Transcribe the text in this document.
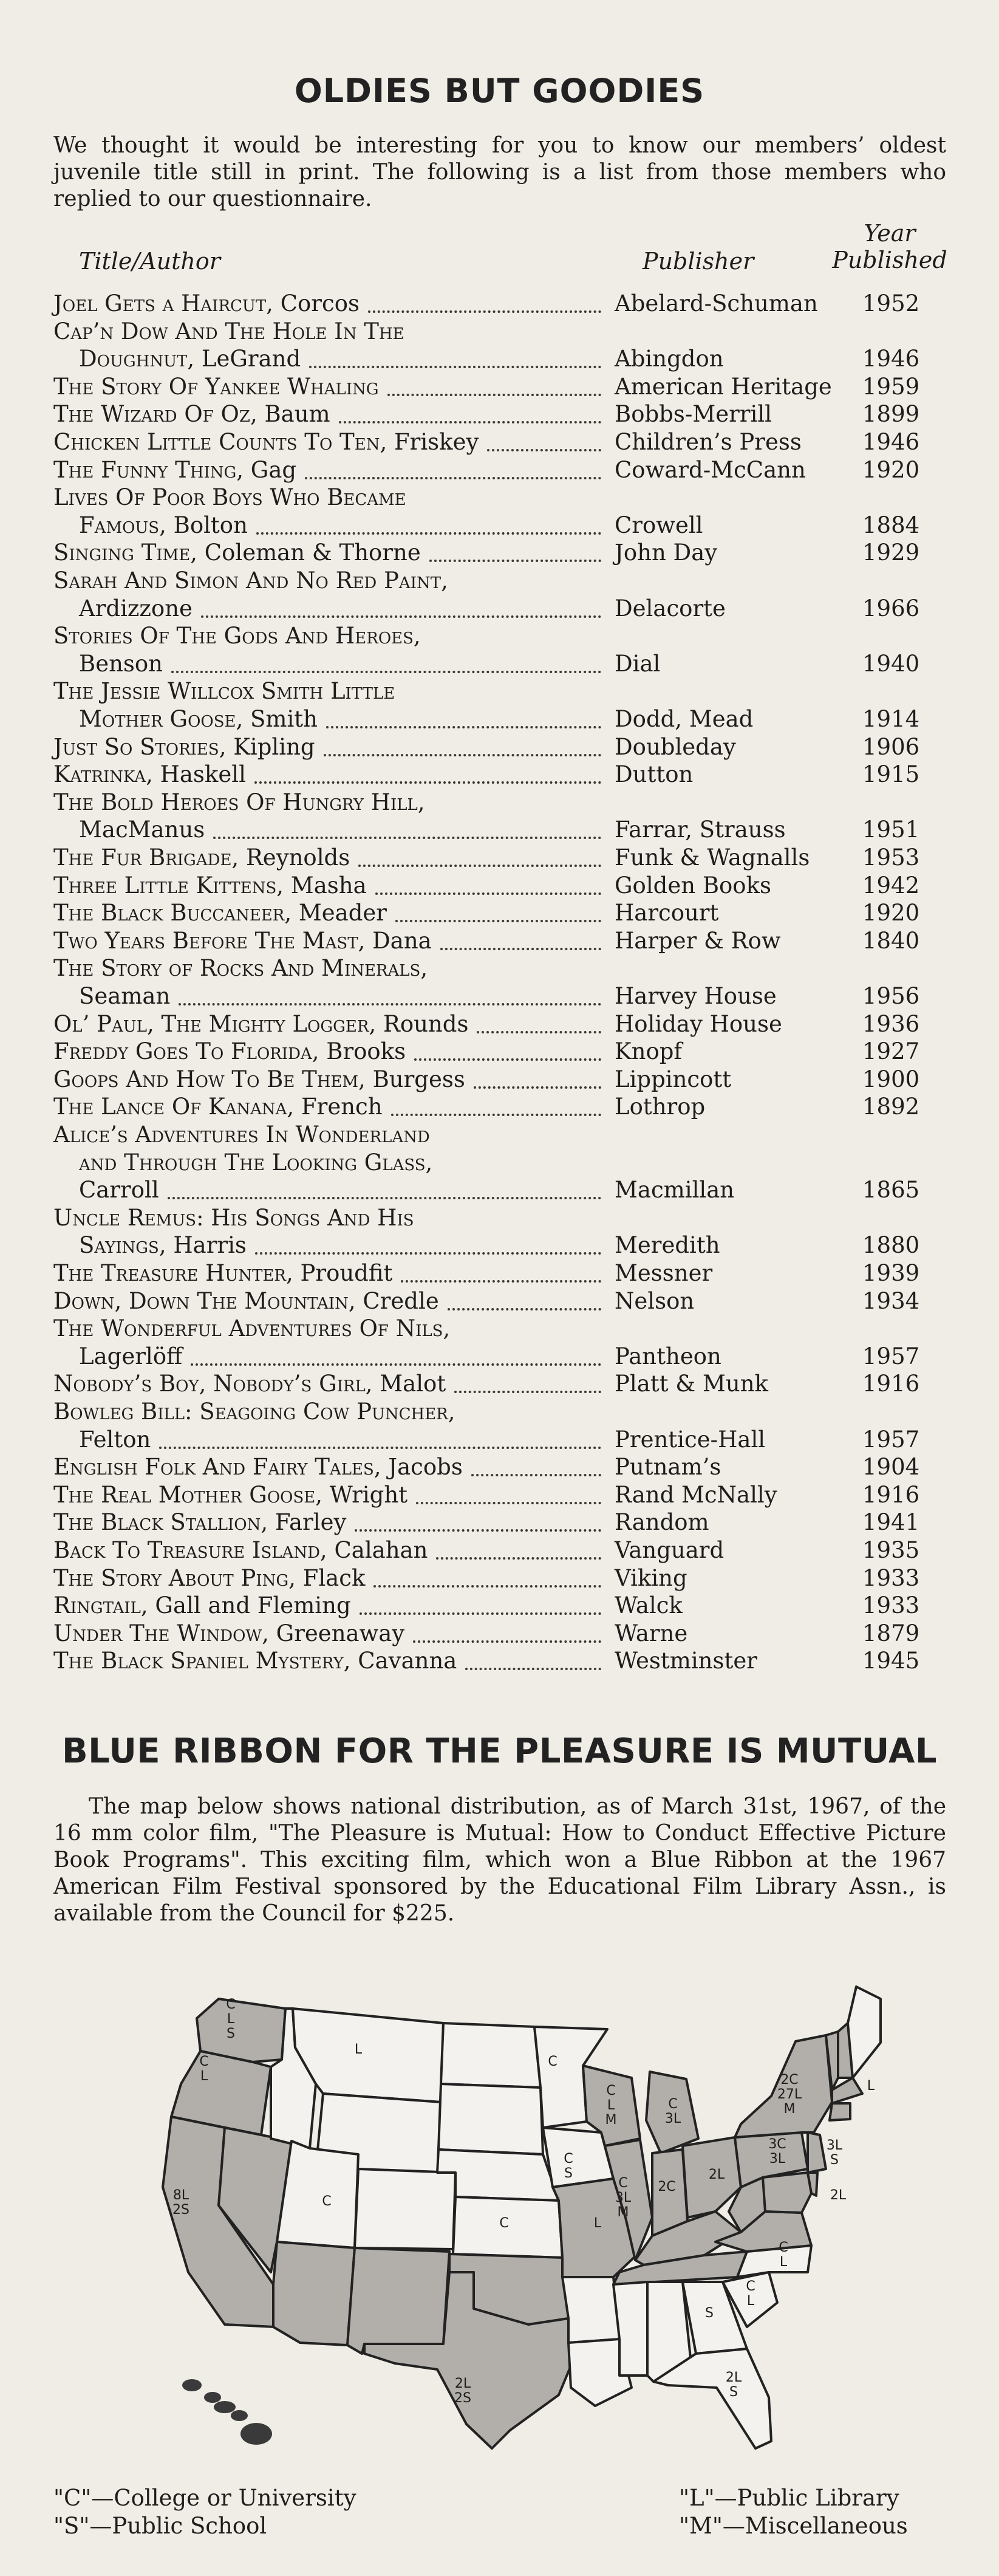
OLDIES BUT GOODIES
We thought it would be interesting for you to know our members’ oldest juvenile title still in print. The following is a list from those members who replied to our questionnaire.
Title/Author	Publisher
Year Published
Joel Gets a Haircut, Corcos	Abelard-Schuman 1952
Cap’n Dow And The Hole In The
Doughnut, LeGrand	Abingdon	1946
The Story Of Yankee Whaling	American Heritage 1959
The Wizard Of Oz, Baum	Bobbs-Merrill	1899
Chicken Little Counts To Ten, Friskey	Children’s Press	1946
The Funny Thing, Gag	Coward-McCann	1920
Lives Of Poor Boys Who Became
Famous, Bolton	Crowell	1884
Singing Time, Coleman & Thorne	John Day	1929
Sarah And Simon And No Red Paint,
Ardizzone	Delacorte	1966
Stories Of The Gods And Heroes,
Benson	Dial	1940
The Jessie Willcox Smith Little
Mother Goose, Smith	Dodd, Mead	1914
Just So Stories, Kipling	Doubleday	1906
Katrinka, Haskell	Dutton	1915
The Bold Heroes Of Hungry Hill,
MacManus	Farrar, Strauss	1951
The Fur Brigade, Reynolds	Funk & Wagnalls 1953
Three Little Kittens, Masha	Golden Books	1942
The Black Buccaneer, Meader	Harcourt	1920
Two Years Before The Mast, Dana	Harper & Row	1840
The Story of Rocks And Minerals,
Seaman	Harvey House	1956
Ol’ Paul, The Mighty Logger, Rounds	Holiday House	1936
Freddy Goes To Florida, Brooks	Knopf	1927
Goops And How To Be Them, Burgess	Lippincott	1900
The Lance Of Kanana, French	Lothrop	1892
Alice’s Adventures In Wonderland
and Through The Looking Glass,
Carroll	Macmillan	1865
Uncle Remus: His Songs And His
Sayings, Harris	Meredith	1880
The Treasure Hunter, Proudfit	Messner	1939
Down, Down The Mountain, Credle	Nelson	1934
The Wonderful Adventures Of Nils,
Lagerlöff	Pantheon	1957
Nobody’s Boy, Nobody’s Girl, Malot	Platt & Munk	1916
Bowleg Bill: Seagoing Cow Puncher,
Felton	Prentice-Hall	1957
English Folk And Fairy Tales, Jacobs	Putnam’s	1904
The Real Mother Goose, Wright	Rand McNally	1916
The Black Stallion, Farley	Random	1941
Back To Treasure Island, Calahan	Vanguard	1935
The Story About Ping, Flack	Viking	1933
Ringtail, Gall and Fleming	Walck	1933
Under The Window, Greenaway	Warne	1879
The Black Spaniel Mystery, Cavanna	Westminster	1945
BLUE RIBBON FOR THE PLEASURE IS MUTUAL
The map below shows national distribution, as of March 31st, 1967, of the 16 mm color film, "The Pleasure is Mutual: How to Conduct Effective Picture Book Programs". This exciting film, which won a Blue Ribbon at the 1967 American Film Festival sponsored by the Educational Film Library Assn., is available from the Council for $225.
C L S
C L
8L 2S
L
C
C
C S
C
2L 2S
C L M
C 3L
C 3L M
L
2C
2L
3C 3L
2C 27L M
L
3L S
2L
C L
C L
S
2L S
"C"—College or University
"S"—Public School
"L"—Public Library
"M"—Miscellaneous
